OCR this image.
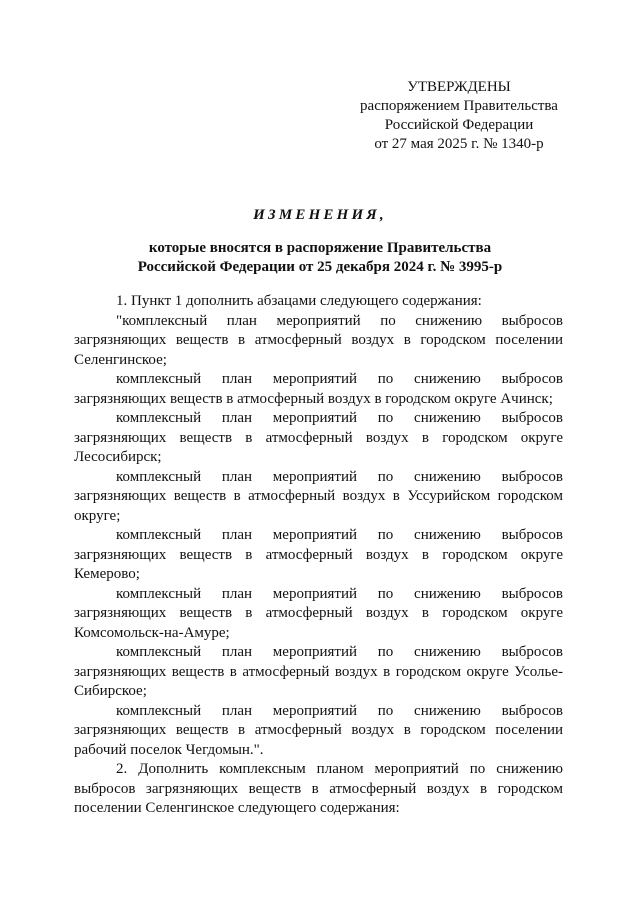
УТВЕРЖДЕНЫ
распоряжением Правительства
Российской Федерации
от 27 мая 2025 г. № 1340-р
ИЗМЕНЕНИЯ,
которые вносятся в распоряжение Правительства
Российской Федерации от 25 декабря 2024 г. № 3995-р

1. Пункт 1 дополнить абзацами следующего содержания:

"комплексный план мероприятий по снижению выбросов загрязняющих веществ в атмосферный воздух в городском поселении Селенгинское;

комплексный план мероприятий по снижению выбросов загрязняющих веществ в атмосферный воздух в городском округе Ачинск;

комплексный план мероприятий по снижению выбросов загрязняющих веществ в атмосферный воздух в городском округе Лесосибирск;

комплексный план мероприятий по снижению выбросов загрязняющих веществ в атмосферный воздух в Уссурийском городском округе;

комплексный план мероприятий по снижению выбросов загрязняющих веществ в атмосферный воздух в городском округе Кемерово;

комплексный план мероприятий по снижению выбросов загрязняющих веществ в атмосферный воздух в городском округе Комсомольск-на-Амуре;

комплексный план мероприятий по снижению выбросов загрязняющих веществ в атмосферный воздух в городском округе Усолье-Сибирское;

комплексный план мероприятий по снижению выбросов загрязняющих веществ в атмосферный воздух в городском поселении рабочий поселок Чегдомын.".

2. Дополнить комплексным планом мероприятий по снижению выбросов загрязняющих веществ в атмосферный воздух в городском поселении Селенгинское следующего содержания:
